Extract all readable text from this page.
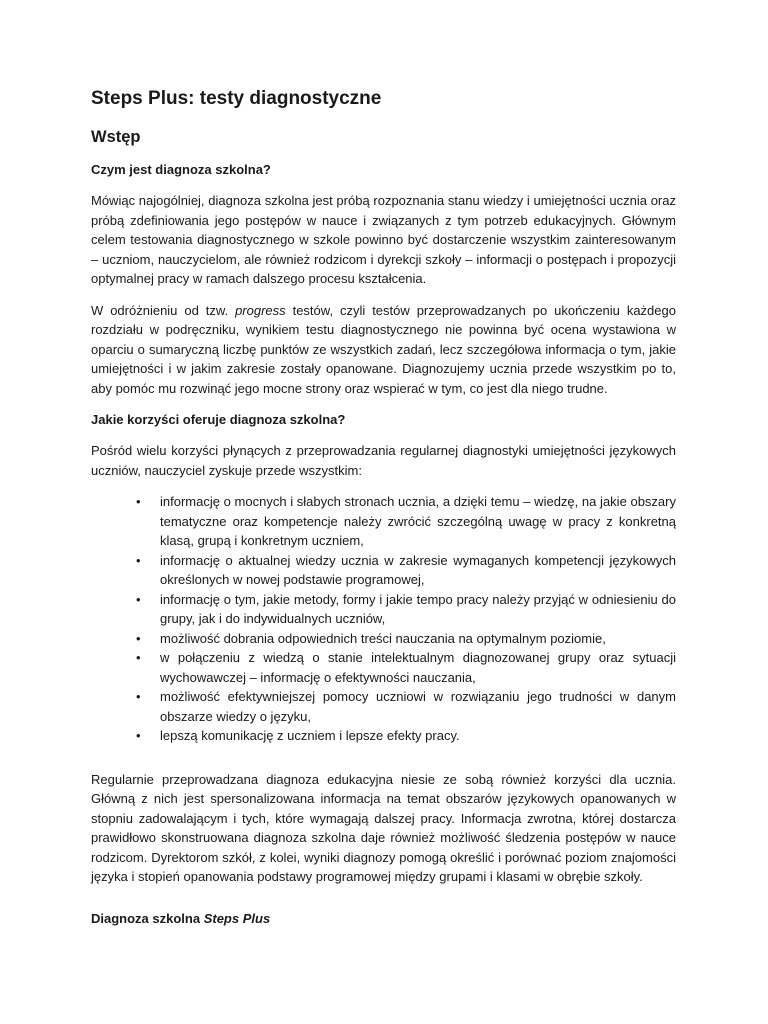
Steps Plus: testy diagnostyczne
Wstęp
Czym jest diagnoza szkolna?

Mówiąc najogólniej, diagnoza szkolna jest próbą rozpoznania stanu wiedzy i umiejętności ucznia oraz próbą zdefiniowania jego postępów w nauce i związanych z tym potrzeb edukacyjnych. Głównym celem testowania diagnostycznego w szkole powinno być dostarczenie wszystkim zainteresowanym – uczniom, nauczycielom, ale również rodzicom i dyrekcji szkoły – informacji o postępach i propozycji optymalnej pracy w ramach dalszego procesu kształcenia.

W odróżnieniu od tzw. progress testów, czyli testów przeprowadzanych po ukończeniu każdego rozdziału w podręczniku, wynikiem testu diagnostycznego nie powinna być ocena wystawiona w oparciu o sumaryczną liczbę punktów ze wszystkich zadań, lecz szczegółowa informacja o tym, jakie umiejętności i w jakim zakresie zostały opanowane. Diagnozujemy ucznia przede wszystkim po to, aby pomóc mu rozwinąć jego mocne strony oraz wspierać w tym, co jest dla niego trudne.

Jakie korzyści oferuje diagnoza szkolna?

Pośród wielu korzyści płynących z przeprowadzania regularnej diagnostyki umiejętności językowych uczniów, nauczyciel zyskuje przede wszystkim:

• informację o mocnych i słabych stronach ucznia, a dzięki temu – wiedzę, na jakie obszary tematyczne oraz kompetencje należy zwrócić szczególną uwagę w pracy z konkretną klasą, grupą i konkretnym uczniem,
• informację o aktualnej wiedzy ucznia w zakresie wymaganych kompetencji językowych określonych w nowej podstawie programowej,
• informację o tym, jakie metody, formy i jakie tempo pracy należy przyjąć w odniesieniu do grupy, jak i do indywidualnych uczniów,
• możliwość dobrania odpowiednich treści nauczania na optymalnym poziomie,
• w połączeniu z wiedzą o stanie intelektualnym diagnozowanej grupy oraz sytuacji wychowawczej – informację o efektywności nauczania,
• możliwość efektywniejszej pomocy uczniowi w rozwiązaniu jego trudności w danym obszarze wiedzy o języku,
• lepszą komunikację z uczniem i lepsze efekty pracy.

Regularnie przeprowadzana diagnoza edukacyjna niesie ze sobą również korzyści dla ucznia. Główną z nich jest spersonalizowana informacja na temat obszarów językowych opanowanych w stopniu zadowalającym i tych, które wymagają dalszej pracy. Informacja zwrotna, której dostarcza prawidłowo skonstruowana diagnoza szkolna daje również możliwość śledzenia postępów w nauce rodzicom. Dyrektorom szkół, z kolei, wyniki diagnozy pomogą określić i porównać poziom znajomości języka i stopień opanowania podstawy programowej między grupami i klasami w obrębie szkoły.

Diagnoza szkolna Steps Plus
